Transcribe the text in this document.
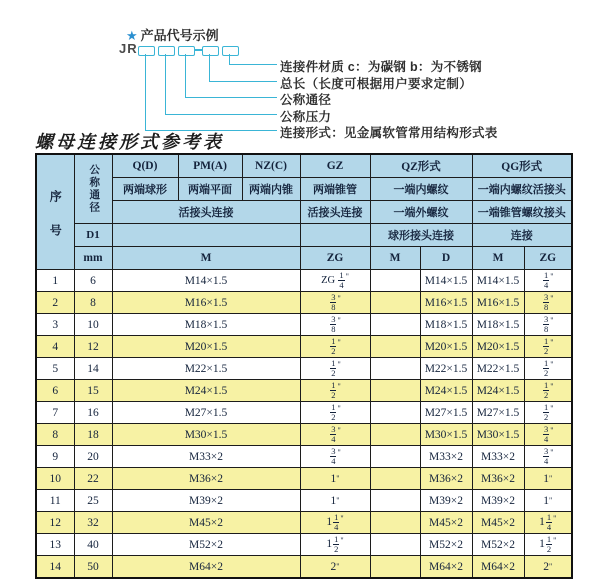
★ 产品代号示例
JR
连接件材质 c：为碳钢 b：为不锈钢
总长（长度可根据用户要求定制）
公称通径
公称压力
连接形式：见金属软管常用结构形式表
螺母连接形式参考表
序号	公称通径	Q(D)	PM(A)	NZ(C)	GZ	QZ形式		QG形式	
		两端球形	两端平面	两端内锥	两端锥管	一端内螺纹		一端内螺纹活接头	
		活接头连接			活接头连接	一端外螺纹		一端锥管螺纹接头	
	D1					球形接头连接		连接	
	mm	M			ZG	M	D	M	ZG
1	6	M14×1.5			ZG  $\frac{1}{4} ^"$		M14×1.5	M14×1.5	$\frac{1}{4} ^"$
2	8	M16×1.5			$\frac{3}{8} ^"$		M16×1.5	M16×1.5	$\frac{3}{8} ^"$
3	10	M18×1.5			$\frac{3}{8} ^"$		M18×1.5	M18×1.5	$\frac{3}{8} ^"$
4	12	M20×1.5			$\frac{1}{2} ^"$		M20×1.5	M20×1.5	$\frac{1}{2} ^"$
5	14	M22×1.5			$\frac{1}{2} ^"$		M22×1.5	M22×1.5	$\frac{1}{2} ^"$
6	15	M24×1.5			$\frac{1}{2} ^"$		M24×1.5	M24×1.5	$\frac{1}{2} ^"$
7	16	M27×1.5			$\frac{1}{2} ^"$		M27×1.5	M27×1.5	$\frac{1}{2} ^"$
8	18	M30×1.5			$\frac{3}{4} ^"$		M30×1.5	M30×1.5	$\frac{3}{4} ^"$
9	20	M33×2			$\frac{3}{4} ^"$		M33×2	M33×2	$\frac{3}{4} ^"$
10	22	M36×2			1"		M36×2	M36×2	1"
11	25	M39×2			1"		M39×2	M39×2	1"
12	32	M45×2			$1 \frac{1}{4} ^"$		M45×2	M45×2	$1 \frac{1}{4} ^"$
13	40	M52×2			$1 \frac{1}{2} ^"$		M52×2	M52×2	$1 \frac{1}{2} ^"$
14	50	M64×2			2"		M64×2	M64×2	2"
